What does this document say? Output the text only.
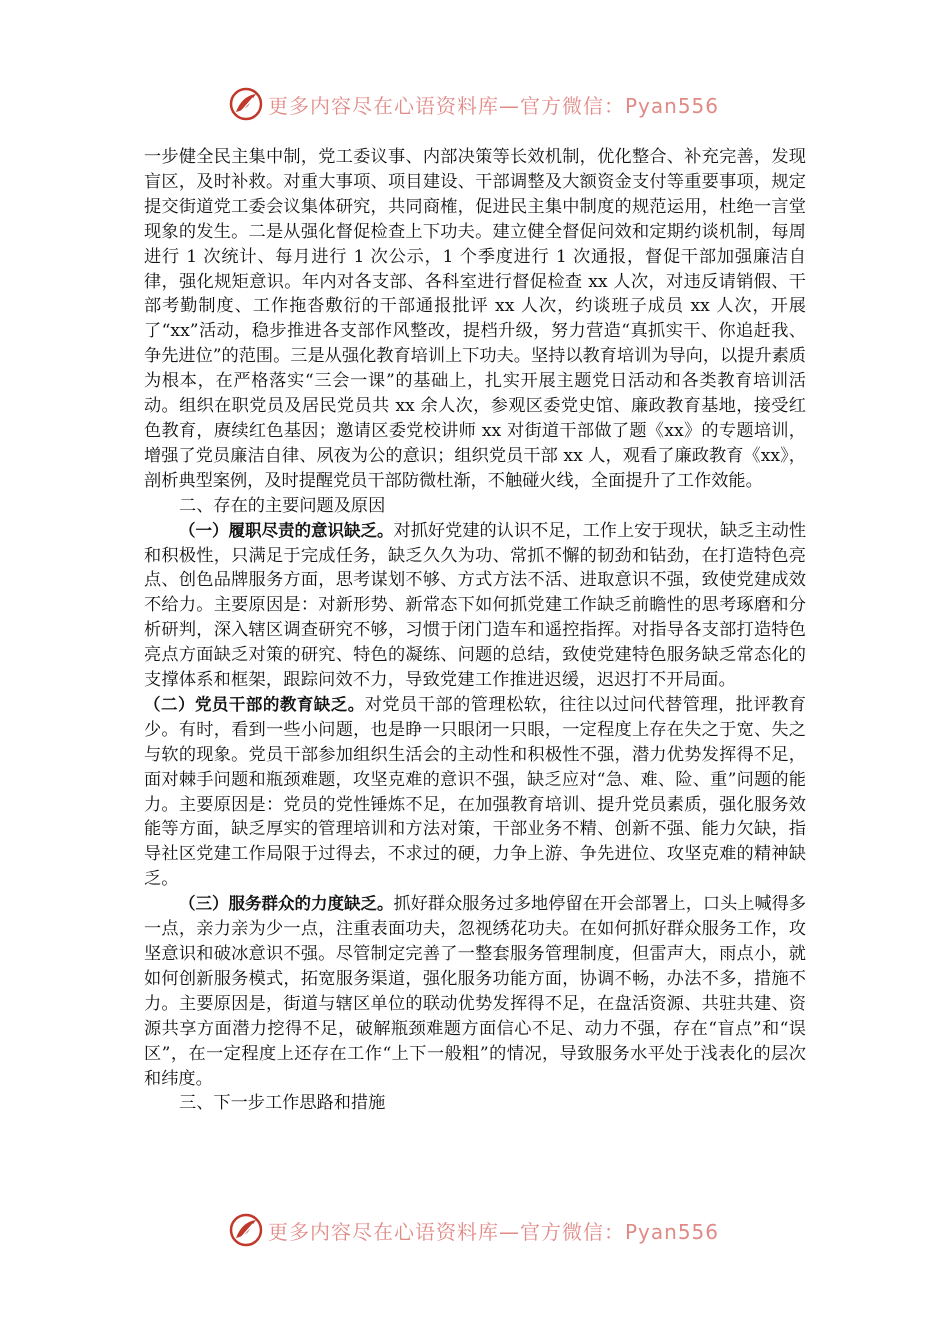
更多内容尽在心语资料库—官方微信：Pyan556

一步健全民主集中制，党工委议事、内部决策等长效机制，优化整合、补充完善，发现盲区，及时补救。对重大事项、项目建设、干部调整及大额资金支付等重要事项，规定提交街道党工委会议集体研究，共同商榷，促进民主集中制度的规范运用，杜绝一言堂现象的发生。二是从强化督促检查上下功夫。建立健全督促问效和定期约谈机制，每周进行 1 次统计、每月进行 1 次公示，1 个季度进行 1 次通报，督促干部加强廉洁自律，强化规矩意识。年内对各支部、各科室进行督促检查 xx 人次，对违反请销假、干部考勤制度、工作拖沓敷衍的干部通报批评 xx 人次，约谈班子成员 xx 人次，开展了“xx”活动，稳步推进各支部作风整改，提档升级，努力营造“真抓实干、你追赶我、争先进位”的范围。三是从强化教育培训上下功夫。坚持以教育培训为导向，以提升素质为根本，在严格落实“三会一课”的基础上，扎实开展主题党日活动和各类教育培训活动。组织在职党员及居民党员共 xx 余人次，参观区委党史馆、廉政教育基地，接受红色教育，赓续红色基因；邀请区委党校讲师 xx 对街道干部做了题《xx》的专题培训，增强了党员廉洁自律、夙夜为公的意识；组织党员干部 xx 人，观看了廉政教育《xx》，剖析典型案例，及时提醒党员干部防微杜渐，不触碰火线，全面提升了工作效能。

二、存在的主要问题及原因

（一）履职尽责的意识缺乏。对抓好党建的认识不足，工作上安于现状，缺乏主动性和积极性，只满足于完成任务，缺乏久久为功、常抓不懈的韧劲和钻劲，在打造特色亮点、创色品牌服务方面，思考谋划不够、方式方法不活、进取意识不强，致使党建成效不给力。主要原因是：对新形势、新常态下如何抓党建工作缺乏前瞻性的思考琢磨和分析研判，深入辖区调查研究不够，习惯于闭门造车和遥控指挥。对指导各支部打造特色亮点方面缺乏对策的研究、特色的凝练、问题的总结，致使党建特色服务缺乏常态化的支撑体系和框架，跟踪问效不力，导致党建工作推进迟缓，迟迟打不开局面。（二）党员干部的教育缺乏。对党员干部的管理松软，往往以过问代替管理，批评教育少。有时，看到一些小问题，也是睁一只眼闭一只眼，一定程度上存在失之于宽、失之与软的现象。党员干部参加组织生活会的主动性和积极性不强，潜力优势发挥得不足，面对棘手问题和瓶颈难题，攻坚克难的意识不强，缺乏应对“急、难、险、重”问题的能力。主要原因是：党员的党性锤炼不足，在加强教育培训、提升党员素质，强化服务效能等方面，缺乏厚实的管理培训和方法对策，干部业务不精、创新不强、能力欠缺，指导社区党建工作局限于过得去，不求过的硬，力争上游、争先进位、攻坚克难的精神缺乏。

（三）服务群众的力度缺乏。抓好群众服务过多地停留在开会部署上，口头上喊得多一点，亲力亲为少一点，注重表面功夫，忽视绣花功夫。在如何抓好群众服务工作，攻坚意识和破冰意识不强。尽管制定完善了一整套服务管理制度，但雷声大，雨点小，就如何创新服务模式，拓宽服务渠道，强化服务功能方面，协调不畅，办法不多，措施不力。主要原因是，街道与辖区单位的联动优势发挥得不足，在盘活资源、共驻共建、资源共享方面潜力挖得不足，破解瓶颈难题方面信心不足、动力不强，存在“盲点”和“误区”，在一定程度上还存在工作“上下一般粗”的情况，导致服务水平处于浅表化的层次和纬度。

三、下一步工作思路和措施

更多内容尽在心语资料库—官方微信：Pyan556
